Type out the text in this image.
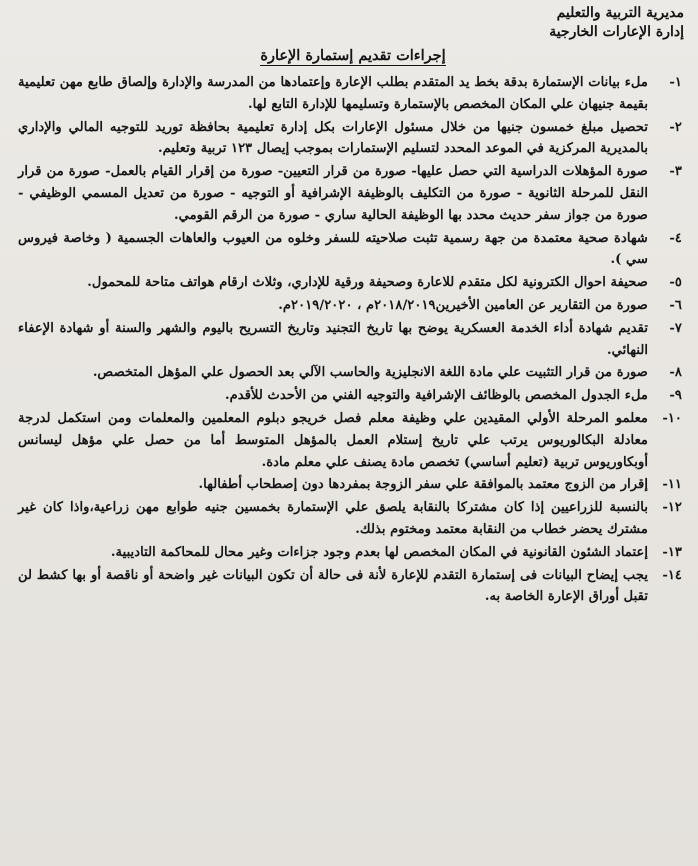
مديرية التربية والتعليم
إدارة الإعارات الخارجية
إجراءات تقديم إستمارة الإعارة
١-
ملء بيانات الإستمارة بدقة بخط يد المتقدم بطلب الإعارة وإعتمادها من المدرسة والإدارة وإلصاق طابع مهن تعليمية بقيمة جنيهان علي المكان المخصص بالإستمارة وتسليمها للإدارة التابع لها.
٢-
تحصيل مبلغ خمسون جنيها من خلال مسئول الإعارات بكل إدارة تعليمية بحافظة توريد للتوجيه المالي والإداري بالمديرية المركزية في الموعد المحدد لتسليم الإستمارات بموجب إيصال ١٢٣ تربية وتعليم.
٣-
صورة المؤهلات الدراسية التي حصل عليها- صورة من قرار التعيين- صورة من إقرار القيام بالعمل- صورة من قرار النقل للمرحلة الثانوية - صورة من التكليف بالوظيفة الإشرافية أو التوجيه - صورة من تعديل المسمي الوظيفي - صورة من جواز سفر حديث محدد بها الوظيفة الحالية ساري - صورة من الرقم القومي.
٤-
شهادة صحية معتمدة من جهة رسمية تثبت صلاحيته للسفر وخلوه من العيوب والعاهات الجسمية ( وخاصة فيروس سي ).
٥-
صحيفة احوال الكترونية لكل متقدم للاعارة وصحيفة ورقية للإداري، وثلاث ارقام هواتف متاحة للمحمول.
٦-
صورة من التقارير عن العامين الأخيرين٢٠١٨/٢٠١٩م ، ٢٠١٩/٢٠٢٠م.
٧-
تقديم شهادة أداء الخدمة العسكرية يوضح بها تاريخ التجنيد وتاريخ التسريح باليوم والشهر والسنة أو شهادة الإعفاء النهائي.
٨-
صورة من قرار التثبيت علي مادة اللغة الانجليزية والحاسب الآلي بعد الحصول علي المؤهل المتخصص.
٩-
ملء الجدول المخصص بالوظائف الإشرافية والتوجيه الفني من الأحدث للأقدم.
١٠-
معلمو المرحلة الأولي المقيدين علي وظيفة معلم فصل خريجو دبلوم المعلمين والمعلمات ومن استكمل لدرجة معادلة البكالوريوس يرتب علي تاريخ إستلام العمل بالمؤهل المتوسط أما من حصل علي مؤهل ليسانس أوبكاوريوس تربية (تعليم أساسي) تخصص مادة يصنف علي معلم مادة.
١١-
إقرار من الزوج معتمد بالموافقة علي سفر الزوجة بمفردها دون إصطحاب أطفالها.
١٢-
بالنسبة للزراعيين إذا كان مشتركا بالنقابة يلصق علي الإستمارة بخمسين جنيه طوابع مهن زراعية،واذا كان غير مشترك يحضر خطاب من النقابة معتمد ومختوم بذلك.
١٣-
إعتماد الشئون القانونية في المكان المخصص لها بعدم وجود جزاءات وغير محال للمحاكمة التاديبية.
١٤-
يجب إيضاح البيانات فى إستمارة التقدم للإعارة لأنة فى حالة أن تكون البيانات غير واضحة أو ناقصة أو بها كشط لن تقبل أوراق الإعارة الخاصة به.
